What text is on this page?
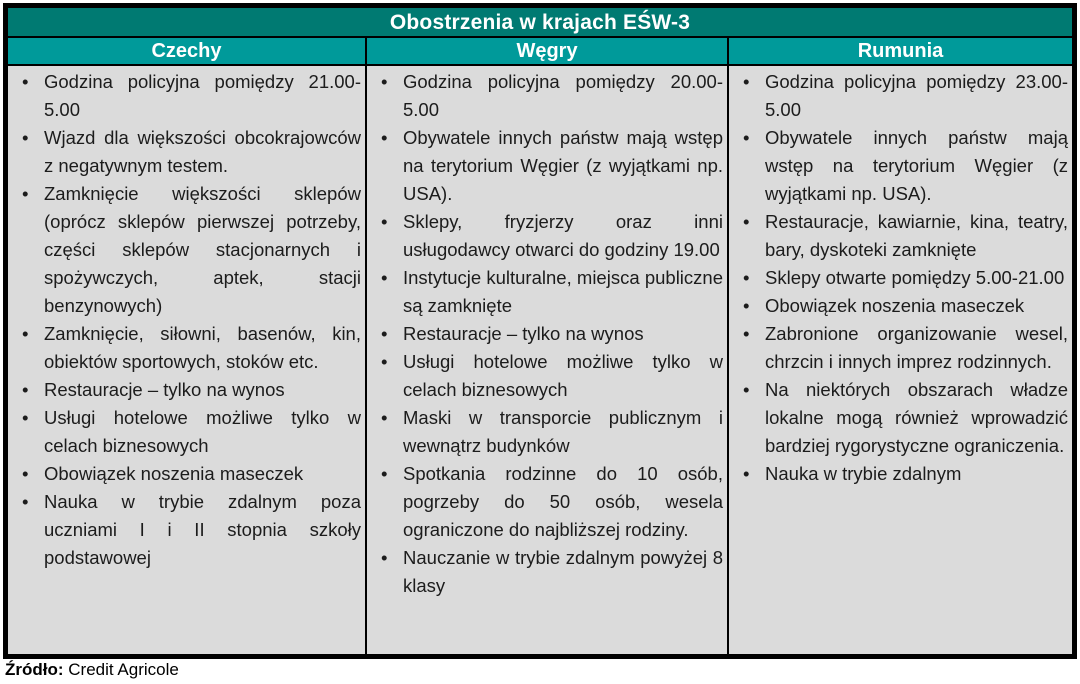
Obostrzenia w krajach EŚW-3
Czechy	Węgry	Rumunia
• Godzina policyjna pomiędzy 21.00-5.00
• Wjazd dla większości obcokrajowców z negatywnym testem.
• Zamknięcie większości sklepów (oprócz sklepów pierwszej potrzeby, części sklepów stacjonarnych i spożywczych, aptek, stacji benzynowych)
• Zamknięcie, siłowni, basenów, kin, obiektów sportowych, stoków etc.
• Restauracje – tylko na wynos
• Usługi hotelowe możliwe tylko w celach biznesowych
• Obowiązek noszenia maseczek
• Nauka w trybie zdalnym poza uczniami I i II stopnia szkoły podstawowej
• Godzina policyjna pomiędzy 20.00-5.00
• Obywatele innych państw mają wstęp na terytorium Węgier (z wyjątkami np. USA).
• Sklepy, fryzjerzy oraz inni usługodawcy otwarci do godziny 19.00
• Instytucje kulturalne, miejsca publiczne są zamknięte
• Restauracje – tylko na wynos
• Usługi hotelowe możliwe tylko w celach biznesowych
• Maski w transporcie publicznym i wewnątrz budynków
• Spotkania rodzinne do 10 osób, pogrzeby do 50 osób, wesela ograniczone do najbliższej rodziny.
• Nauczanie w trybie zdalnym powyżej 8 klasy
• Godzina policyjna pomiędzy 23.00-5.00
• Obywatele innych państw mają wstęp na terytorium Węgier (z wyjątkami np. USA).
• Restauracje, kawiarnie, kina, teatry, bary, dyskoteki zamknięte
• Sklepy otwarte pomiędzy 5.00-21.00
• Obowiązek noszenia maseczek
• Zabronione organizowanie wesel, chrzcin i innych imprez rodzinnych.
• Na niektórych obszarach władze lokalne mogą również wprowadzić bardziej rygorystyczne ograniczenia.
• Nauka w trybie zdalnym
Źródło: Credit Agricole
